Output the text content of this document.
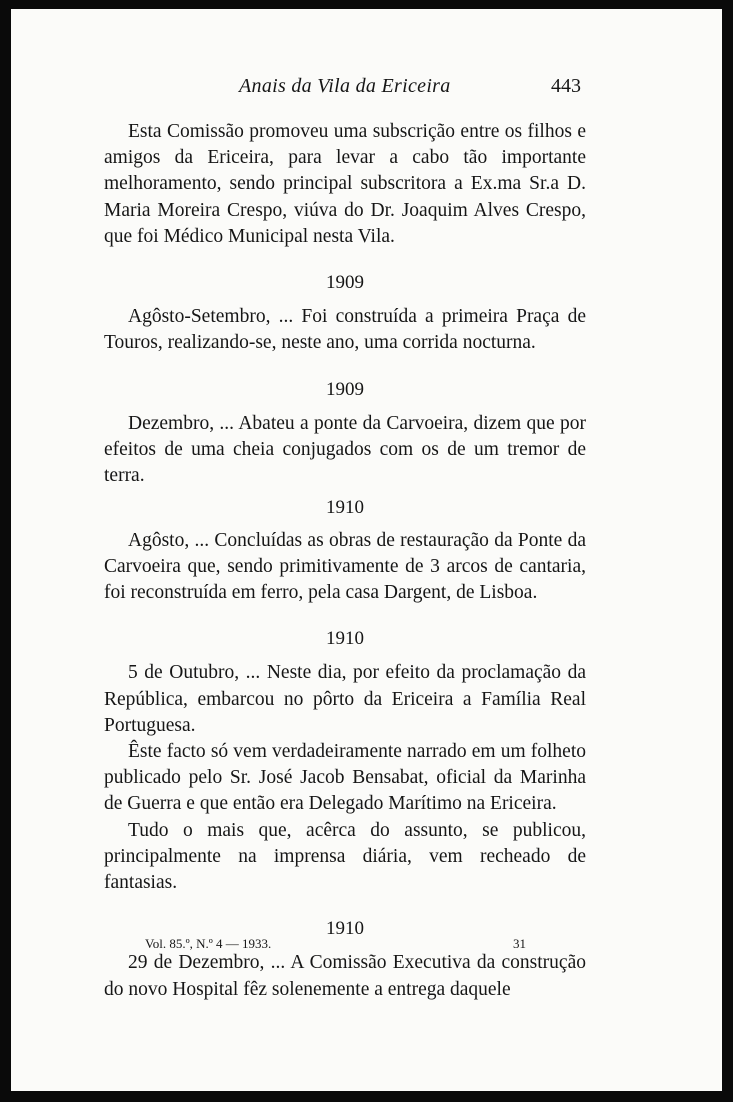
Anais da Vila da Ericeira	443

Esta Comissão promoveu uma subscrição entre os filhos e amigos da Ericeira, para levar a cabo tão importante melhoramento, sendo principal subscritora a Ex.ma Sr.a D. Maria Moreira Crespo, viúva do Dr. Joaquim Alves Crespo, que foi Médico Municipal nesta Vila.

1909

Agôsto-Setembro, ... Foi construída a primeira Praça de Touros, realizando-se, neste ano, uma corrida nocturna.

1909

Dezembro, ... Abateu a ponte da Carvoeira, dizem que por efeitos de uma cheia conjugados com os de um tremor de terra.

1910

Agôsto, ... Concluídas as obras de restauração da Ponte da Carvoeira que, sendo primitivamente de 3 arcos de cantaria, foi reconstruída em ferro, pela casa Dargent, de Lisboa.

1910

5 de Outubro, ... Neste dia, por efeito da proclamação da República, embarcou no pôrto da Ericeira a Família Real Portuguesa.

Êste facto só vem verdadeiramente narrado em um folheto publicado pelo Sr. José Jacob Bensabat, oficial da Marinha de Guerra e que então era Delegado Marítimo na Ericeira.

Tudo o mais que, acêrca do assunto, se publicou, principalmente na imprensa diária, vem recheado de fantasias.

1910

29 de Dezembro, ... A Comissão Executiva da construção do novo Hospital fêz solenemente a entrega daquele

Vol. 85.º, N.º 4 — 1933.	31
